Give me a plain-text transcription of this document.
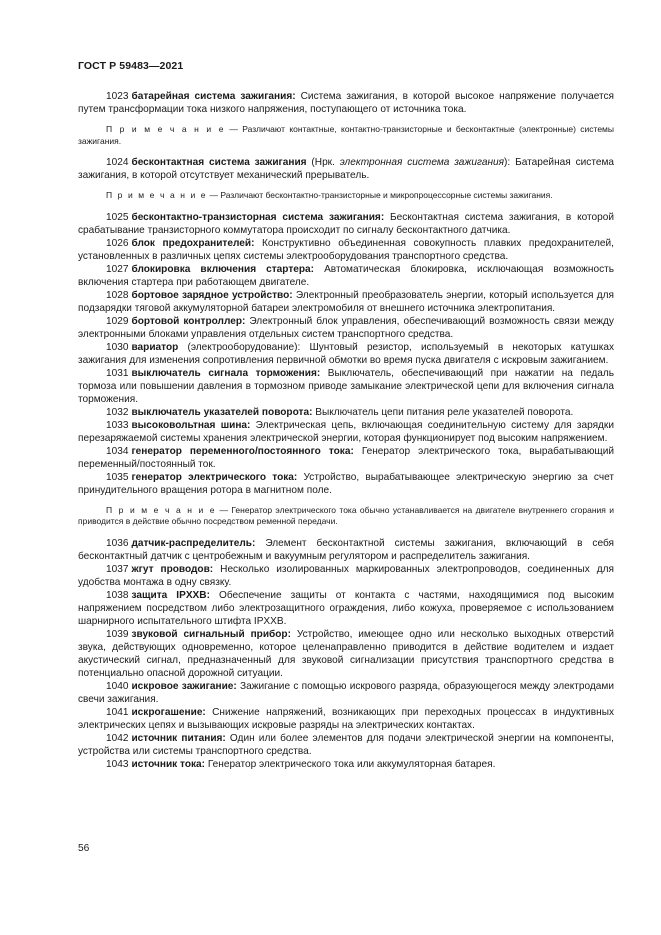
ГОСТ Р 59483—2021

1023 батарейная система зажигания: Система зажигания, в которой высокое напряжение получается путем трансформации тока низкого напряжения, поступающего от источника тока.

П р и м е ч а н и е — Различают контактные, контактно-транзисторные и бесконтактные (электронные) системы зажигания.

1024 бесконтактная система зажигания (Нрк. электронная система зажигания): Батарейная система зажигания, в которой отсутствует механический прерыватель.

П р и м е ч а н и е — Различают бесконтактно-транзисторные и микропроцессорные системы зажигания.

1025 бесконтактно-транзисторная система зажигания: Бесконтактная система зажигания, в которой срабатывание транзисторного коммутатора происходит по сигналу бесконтактного датчика.

1026 блок предохранителей: Конструктивно объединенная совокупность плавких предохранителей, установленных в различных цепях системы электрооборудования транспортного средства.

1027 блокировка включения стартера: Автоматическая блокировка, исключающая возможность включения стартера при работающем двигателе.

1028 бортовое зарядное устройство: Электронный преобразователь энергии, который используется для подзарядки тяговой аккумуляторной батареи электромобиля от внешнего источника электропитания.

1029 бортовой контроллер: Электронный блок управления, обеспечивающий возможность связи между электронными блоками управления отдельных систем транспортного средства.

1030 вариатор (электрооборудование): Шунтовый резистор, используемый в некоторых катушках зажигания для изменения сопротивления первичной обмотки во время пуска двигателя с искровым зажиганием.

1031 выключатель сигнала торможения: Выключатель, обеспечивающий при нажатии на педаль тормоза или повышении давления в тормозном приводе замыкание электрической цепи для включения сигнала торможения.

1032 выключатель указателей поворота: Выключатель цепи питания реле указателей поворота.

1033 высоковольтная шина: Электрическая цепь, включающая соединительную систему для зарядки перезаряжаемой системы хранения электрической энергии, которая функционирует под высоким напряжением.

1034 генератор переменного/постоянного тока: Генератор электрического тока, вырабатывающий переменный/постоянный ток.

1035 генератор электрического тока: Устройство, вырабатывающее электрическую энергию за счет принудительного вращения ротора в магнитном поле.

П р и м е ч а н и е — Генератор электрического тока обычно устанавливается на двигателе внутреннего сгорания и приводится в действие обычно посредством ременной передачи.

1036 датчик-распределитель: Элемент бесконтактной системы зажигания, включающий в себя бесконтактный датчик с центробежным и вакуумным регулятором и распределитель зажигания.

1037 жгут проводов: Несколько изолированных маркированных электропроводов, соединенных для удобства монтажа в одну связку.

1038 защита IPXXB: Обеспечение защиты от контакта с частями, находящимися под высоким напряжением посредством либо электрозащитного ограждения, либо кожуха, проверяемое с использованием шарнирного испытательного штифта IPXXB.

1039 звуковой сигнальный прибор: Устройство, имеющее одно или несколько выходных отверстий звука, действующих одновременно, которое целенаправленно приводится в действие водителем и издает акустический сигнал, предназначенный для звуковой сигнализации присутствия транспортного средства в потенциально опасной дорожной ситуации.

1040 искровое зажигание: Зажигание с помощью искрового разряда, образующегося между электродами свечи зажигания.

1041 искрогашение: Снижение напряжений, возникающих при переходных процессах в индуктивных электрических цепях и вызывающих искровые разряды на электрических контактах.

1042 источник питания: Один или более элементов для подачи электрической энергии на компоненты, устройства или системы транспортного средства.

1043 источник тока: Генератор электрического тока или аккумуляторная батарея.

56
